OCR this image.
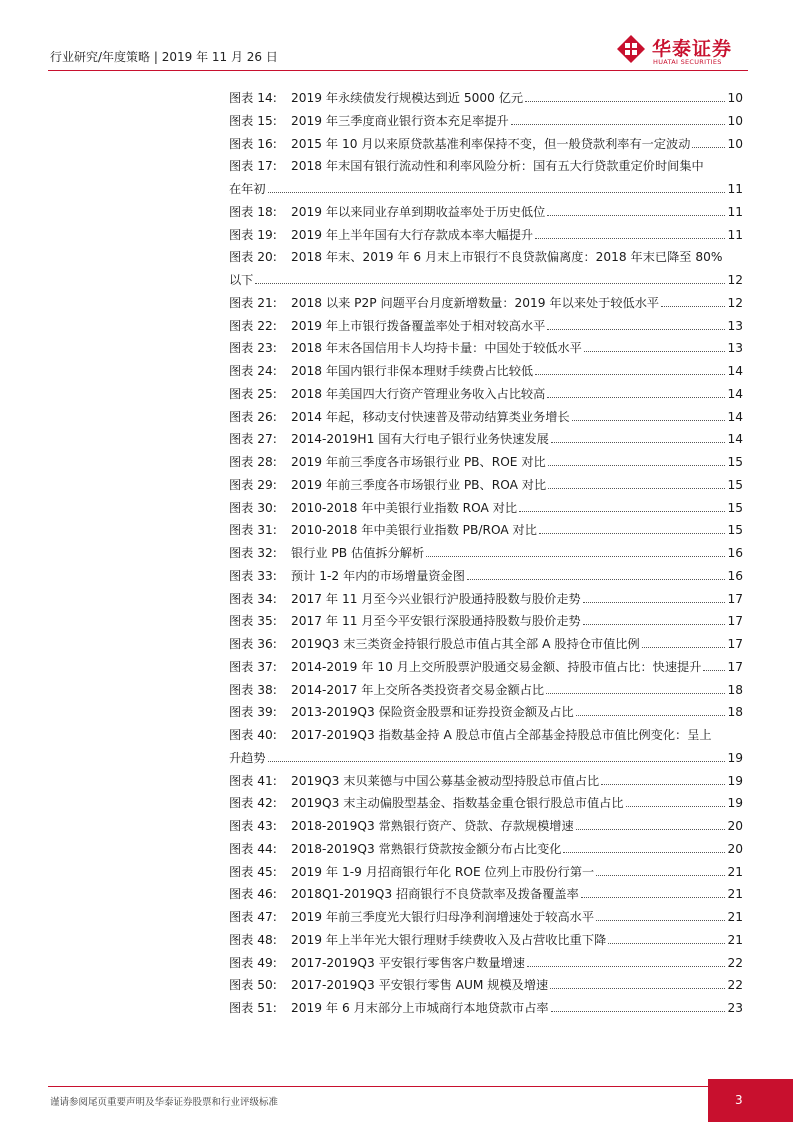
行业研究/年度策略 | 2019 年 11 月 26 日	华泰证券
HUATAI SECURITIES
图表 14:	2019 年永续债发行规模达到近 5000 亿元	10
图表 15:	2019 年三季度商业银行资本充足率提升	10
图表 16:	2015 年 10 月以来原贷款基准利率保持不变，但一般贷款利率有一定波动	10
图表 17:	2018 年末国有银行流动性和利率风险分析：国有五大行贷款重定价时间集中
在年初	11
图表 18:	2019 年以来同业存单到期收益率处于历史低位	11
图表 19:	2019 年上半年国有大行存款成本率大幅提升	11
图表 20:	2018 年末、2019 年 6 月末上市银行不良贷款偏离度：2018 年末已降至 80%
以下	12
图表 21:	2018 以来 P2P 问题平台月度新增数量：2019 年以来处于较低水平	12
图表 22:	2019 年上市银行拨备覆盖率处于相对较高水平	13
图表 23:	2018 年末各国信用卡人均持卡量：中国处于较低水平	13
图表 24:	2018 年国内银行非保本理财手续费占比较低	14
图表 25:	2018 年美国四大行资产管理业务收入占比较高	14
图表 26:	2014 年起，移动支付快速普及带动结算类业务增长	14
图表 27:	2014-2019H1 国有大行电子银行业务快速发展	14
图表 28:	2019 年前三季度各市场银行业 PB、ROE 对比	15
图表 29:	2019 年前三季度各市场银行业 PB、ROA 对比	15
图表 30:	2010-2018 年中美银行业指数 ROA 对比	15
图表 31:	2010-2018 年中美银行业指数 PB/ROA 对比	15
图表 32:	银行业 PB 估值拆分解析	16
图表 33:	预计 1-2 年内的市场增量资金图	16
图表 34:	2017 年 11 月至今兴业银行沪股通持股数与股价走势	17
图表 35:	2017 年 11 月至今平安银行深股通持股数与股价走势	17
图表 36:	2019Q3 末三类资金持银行股总市值占其全部 A 股持仓市值比例	17
图表 37:	2014-2019 年 10 月上交所股票沪股通交易金额、持股市值占比：快速提升 17
图表 38:	2014-2017 年上交所各类投资者交易金额占比	18
图表 39:	2013-2019Q3 保险资金股票和证券投资金额及占比	18
图表 40:	2017-2019Q3 指数基金持 A 股总市值占全部基金持股总市值比例变化：呈上
升趋势	19
图表 41:	2019Q3 末贝莱德与中国公募基金被动型持股总市值占比	19
图表 42:	2019Q3 末主动偏股型基金、指数基金重仓银行股总市值占比	19
图表 43:	2018-2019Q3 常熟银行资产、贷款、存款规模增速	20
图表 44:	2018-2019Q3 常熟银行贷款按金额分布占比变化	20
图表 45:	2019 年 1-9 月招商银行年化 ROE 位列上市股份行第一	21
图表 46:	2018Q1-2019Q3 招商银行不良贷款率及拨备覆盖率	21
图表 47:	2019 年前三季度光大银行归母净利润增速处于较高水平	21
图表 48:	2019 年上半年光大银行理财手续费收入及占营收比重下降	21
图表 49:	2017-2019Q3 平安银行零售客户数量增速	22
图表 50:	2017-2019Q3 平安银行零售 AUM 规模及增速	22
图表 51:	2019 年 6 月末部分上市城商行本地贷款市占率	23
谨请参阅尾页重要声明及华泰证券股票和行业评级标准	3
